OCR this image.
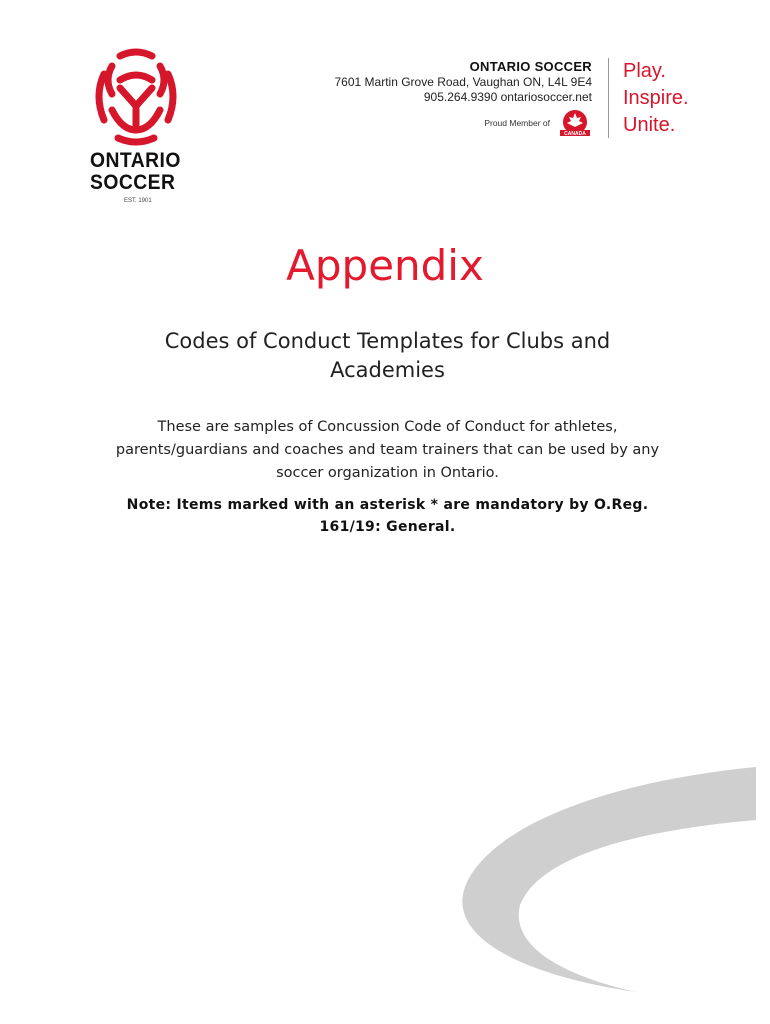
ONTARIO
SOCCER
EST. 1901
ONTARIO SOCCER
7601 Martin Grove Road, Vaughan ON, L4L 9E4
905.264.9390 ontariosoccer.net
Proud Member of
CANADA
Play.
Inspire.
Unite.
Appendix
Codes of Conduct Templates for Clubs and
Academies
These are samples of Concussion Code of Conduct for athletes,
parents/guardians and coaches and team trainers that can be used by any
soccer organization in Ontario.
Note: Items marked with an asterisk * are mandatory by O.Reg.
161/19: General.
